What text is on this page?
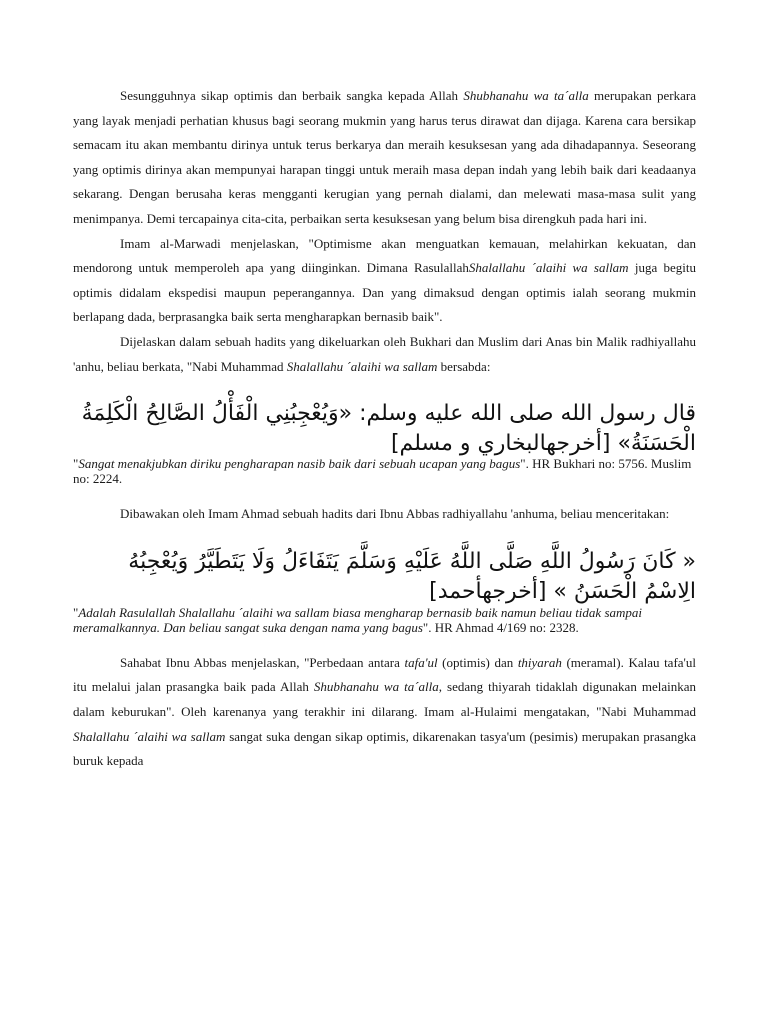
Sesungguhnya sikap optimis dan berbaik sangka kepada Allah Shubhanahu wa ta´alla merupakan perkara yang layak menjadi perhatian khusus bagi seorang mukmin yang harus terus dirawat dan dijaga. Karena cara bersikap semacam itu akan membantu dirinya untuk terus berkarya dan meraih kesuksesan yang ada dihadapannya. Seseorang yang optimis dirinya akan mempunyai harapan tinggi untuk meraih masa depan indah yang lebih baik dari keadaanya sekarang. Dengan berusaha keras mengganti kerugian yang pernah dialami, dan melewati masa-masa sulit yang menimpanya. Demi tercapainya cita-cita, perbaikan serta kesuksesan yang belum bisa direngkuh pada hari ini.

Imam al-Marwadi menjelaskan, "Optimisme akan menguatkan kemauan, melahirkan kekuatan, dan mendorong untuk memperoleh apa yang diinginkan. Dimana RasulallahShalallahu ´alaihi wa sallam juga begitu optimis didalam ekspedisi maupun peperangannya. Dan yang dimaksud dengan optimis ialah seorang mukmin berlapang dada, berprasangka baik serta mengharapkan bernasib baik".

Dijelaskan dalam sebuah hadits yang dikeluarkan oleh Bukhari dan Muslim dari Anas bin Malik radhiyallahu 'anhu, beliau berkata, "Nabi Muhammad Shalallahu ´alaihi wa sallam bersabda:

قال رسول الله صلى الله عليه وسلم: «وَيُعْجِبُنِي الْفَأْلُ الصَّالِحُ الْكَلِمَةُ الْحَسَنَةُ» [أخرجهالبخاري و مسلم]

"Sangat menakjubkan diriku pengharapan nasib baik dari sebuah ucapan yang bagus". HR Bukhari no: 5756. Muslim no: 2224.

Dibawakan oleh Imam Ahmad sebuah hadits dari Ibnu Abbas radhiyallahu 'anhuma, beliau menceritakan:

« كَانَ رَسُولُ اللَّهِ صَلَّى اللَّهُ عَلَيْهِ وَسَلَّمَ يَتَفَاءَلُ وَلَا يَتَطَيَّرُ وَيُعْجِبُهُ الِاسْمُ الْحَسَنُ » [أخرجهأحمد]

"Adalah Rasulallah Shalallahu ´alaihi wa sallam biasa mengharap bernasib baik namun beliau tidak sampai meramalkannya. Dan beliau sangat suka dengan nama yang bagus". HR Ahmad 4/169 no: 2328.

Sahabat Ibnu Abbas menjelaskan, "Perbedaan antara tafa'ul (optimis) dan thiyarah (meramal). Kalau tafa'ul itu melalui jalan prasangka baik pada Allah Shubhanahu wa ta´alla, sedang thiyarah tidaklah digunakan melainkan dalam keburukan". Oleh karenanya yang terakhir ini dilarang. Imam al-Hulaimi mengatakan, "Nabi Muhammad Shalallahu ´alaihi wa sallam sangat suka dengan sikap optimis, dikarenakan tasya'um (pesimis) merupakan prasangka buruk kepada
